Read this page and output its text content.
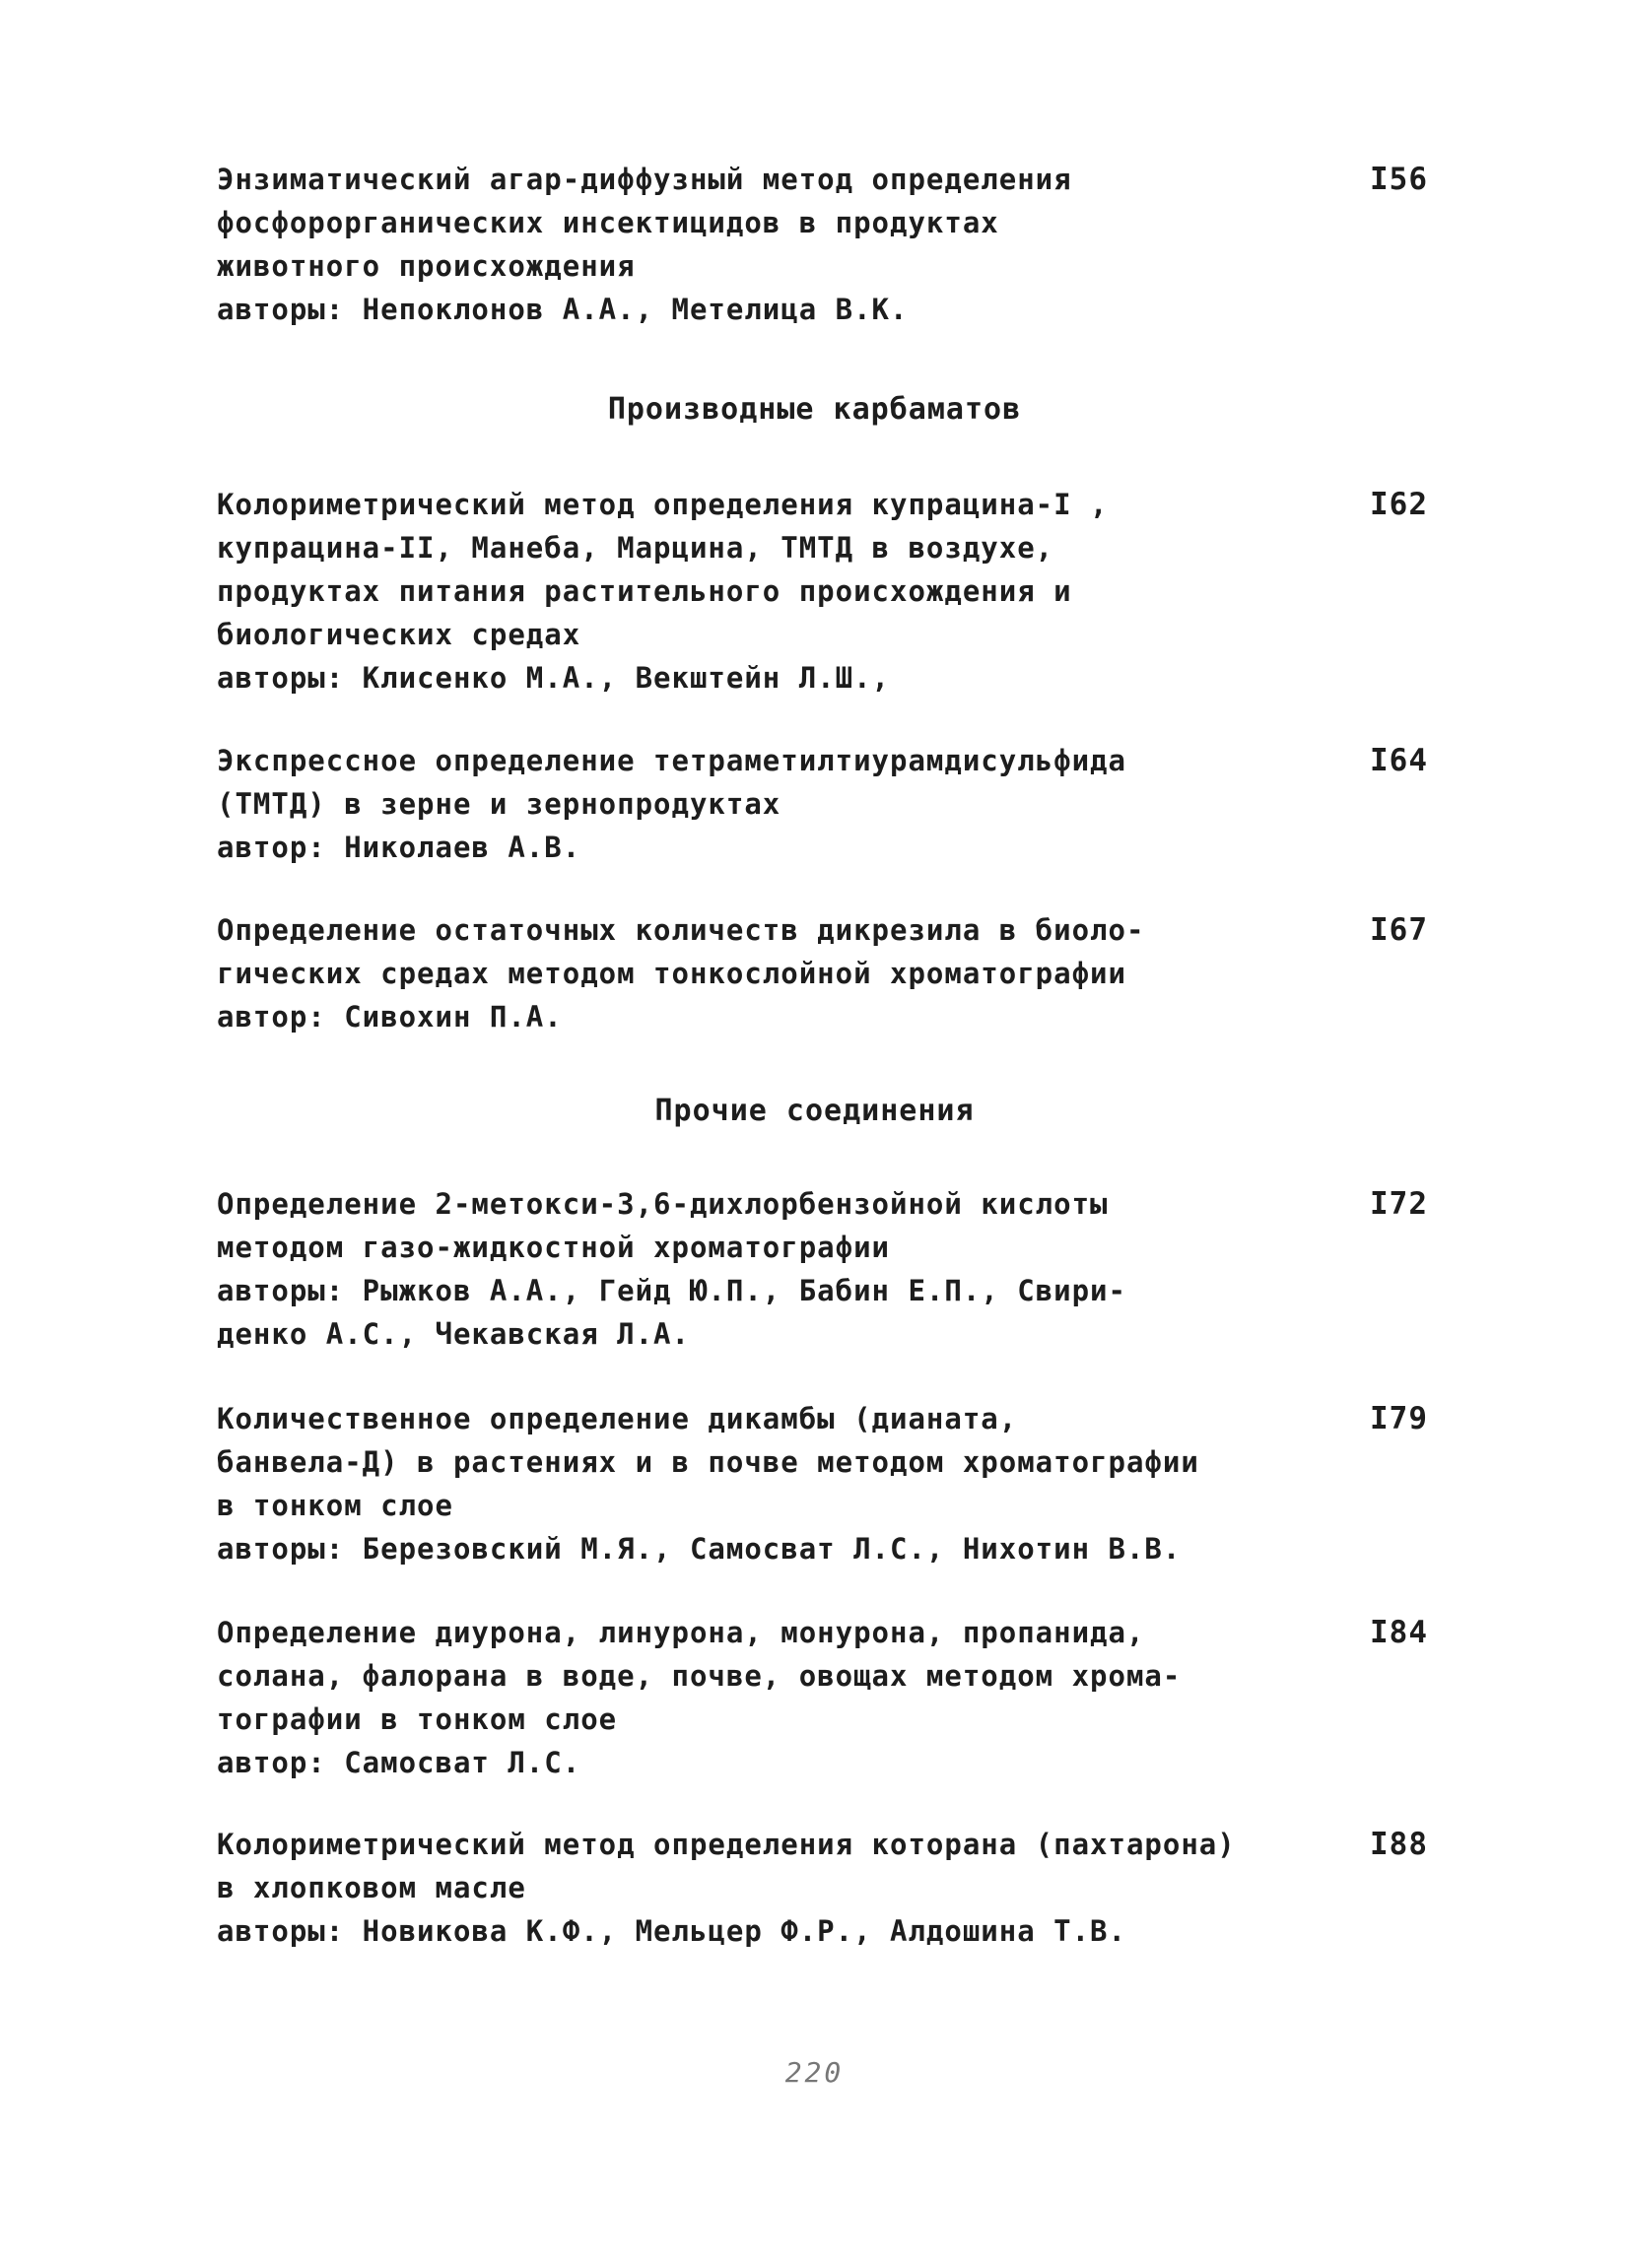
Энзиматический агар-диффузный метод определения
фосфорорганических инсектицидов в продуктах
животного происхождения
авторы: Непоклонов А.А., Метелица В.К.
I56
Производные карбаматов
Колориметрический метод определения купрацина-I ,
купрацина-II, Манеба, Марцина, ТМТД в воздухе,
продуктах питания растительного происхождения и
биологических средах
авторы: Клисенко М.А., Векштейн Л.Ш.,
I62
Экспрессное определение тетраметилтиурамдисульфида
(ТМТД) в зерне и зернопродуктах
автор: Николаев А.В.
I64
Определение остаточных количеств дикрезила в биоло-
гических средах методом тонкослойной хроматографии
автор: Сивохин П.А.
I67
Прочие соединения
Определение 2-метокси-3,6-дихлорбензойной кислоты
методом газо-жидкостной хроматографии
авторы: Рыжков А.А., Гейд Ю.П., Бабин Е.П., Свири-
денко А.С., Чекавская Л.А.
I72
Количественное определение дикамбы (дианата,
банвела-Д) в растениях и в почве методом хроматографии
в тонком слое
авторы: Березовский М.Я., Самосват Л.С., Нихотин В.В.
I79
Определение диурона, линурона, монурона, пропанида,
солана, фалорана в воде, почве, овощах методом хрома-
тографии в тонком слое
автор: Самосват Л.С.
I84
Колориметрический метод определения которана (пахтарона)
в хлопковом масле
авторы: Новикова К.Ф., Мельцер Ф.Р., Алдошина Т.В.
I88
220
